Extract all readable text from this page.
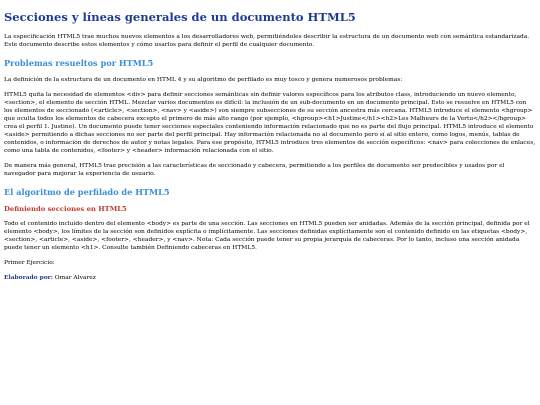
Secciones y líneas generales de un documento HTML5

La especificación HTML5 trae muchos nuevos elementos a los desarrolladores web, permitiéndoles describir la estructura de un documento web con semántica estandarizada. Este documento describe estos elementos y cómo usarlos para definir el perfil de cualquier documento.

Problemas resueltos por HTML5

La definición de la estructura de un documento en HTML 4 y su algoritmo de perfilado es muy tosco y genera numerosos problemas:

HTML5 quita la necesidad de elementos <div> para definir secciones semánticas sin definir valores específicos para los atributos class, introduciendo un nuevo elemento, <section>, el elemento de sección HTML. Mezclar varios documentos es difícil: la inclusión de un sub-documento en un documento principal. Esto se resuelve en HTML5 con los elementos de seccionado (<article>, <section>, <nav> y <aside>) son siempre subsecciones de su sección ancestra más cercana. HTML5 introduce el elemento <hgroup> que oculta todos los elementos de cabecera excepto el primero de más alto rango (por ejemplo, <hgroup><h1>Justine</h1><h2>Les Malheurs de la Vertu</h2></hgroup> crea el perfil 1. Justine). Un documento puede tener secciones especiales conteniendo información relacionado que no es parte del flujo principal. HTML5 introduce el elemento <aside> permitiendo a dichas secciones no ser parte del perfil principal. Hay información relacionada no al documento pero sí al sitio entero, como logos, menús, tablas de contenidos, o información de derechos de autor y notas legales. Para ese propósito, HTML5 introduce tres elementos de sección específicos: <nav> para colecciones de enlaces, como una tabla de contenidos, <footer> y <header> información relacionada con el sitio.

De manera más general, HTML5 trae precisión a las características de seccionado y cabecera, permitiendo a los perfiles de documento ser predecibles y usados por el navegador para mejorar la experiencia de usuario.

El algoritmo de perfilado de HTML5
Definiendo secciones en HTML5

Todo el contenido incluido dentro del elemento <body> es parte de una sección. Las secciones en HTML5 pueden ser anidadas. Además de la sección principal, definida por el elemento <body>, los límites de la sección son definidos explícita o implícitamente. Las secciones definidas explícitamente son el contenido definido en las etiquetas <body>, <section>, <article>, <aside>, <footer>, <header>, y <nav>. Nota: Cada sección puede tener su propia jerarquía de cabeceras. Por lo tanto, incluso una sección anidada puede tener un elemento <h1>. Consulte también Definiendo cabeceras en HTML5.

Primer Ejercicio:

Elaborado por: Omar Alvarez
